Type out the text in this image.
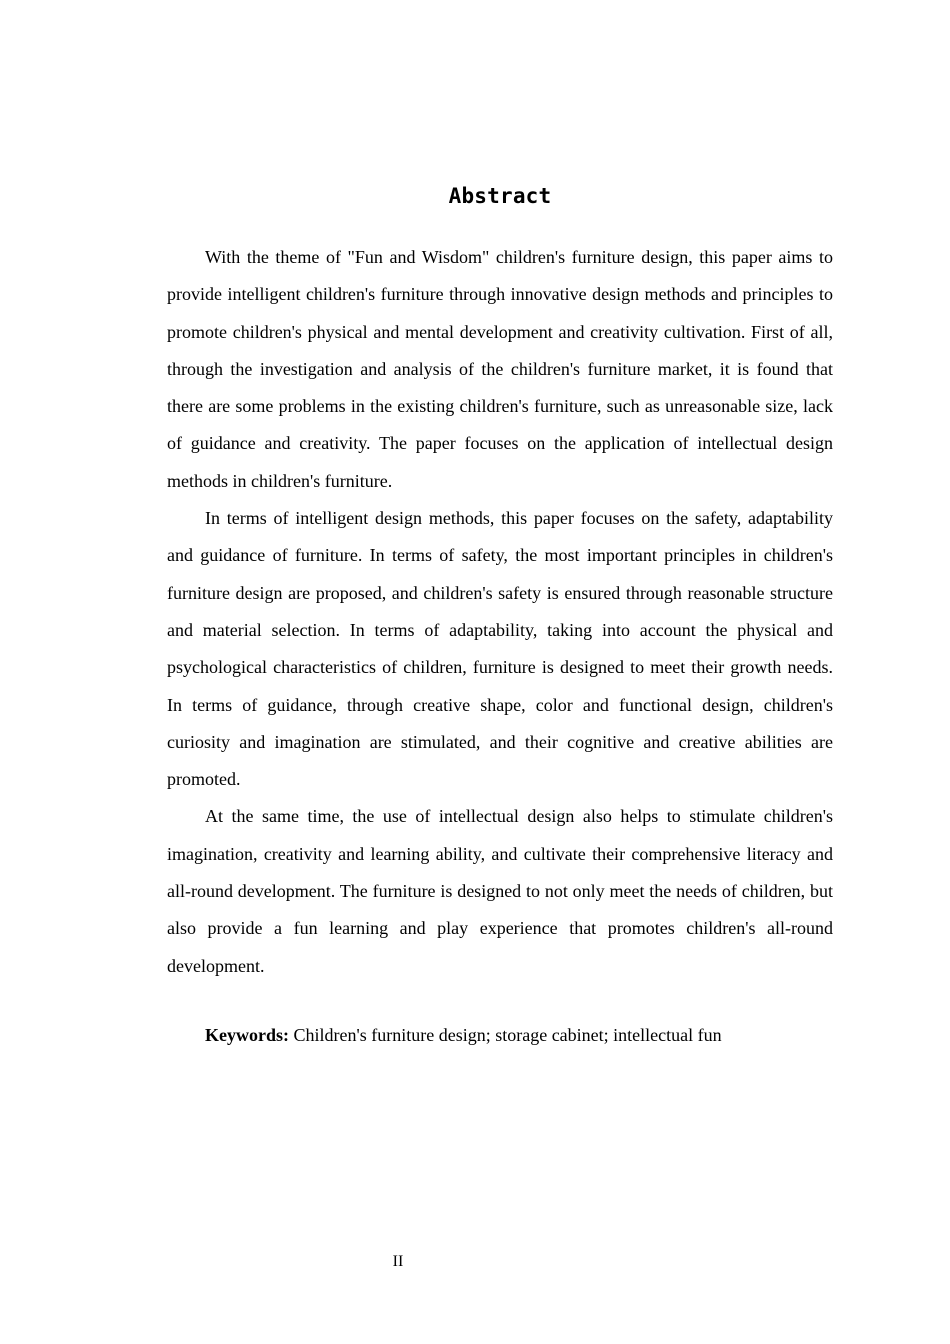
Abstract

With the theme of "Fun and Wisdom" children's furniture design, this paper aims to provide intelligent children's furniture through innovative design methods and principles to promote children's physical and mental development and creativity cultivation. First of all, through the investigation and analysis of the children's furniture market, it is found that there are some problems in the existing children's furniture, such as unreasonable size, lack of guidance and creativity. The paper focuses on the application of intellectual design methods in children's furniture.

In terms of intelligent design methods, this paper focuses on the safety, adaptability and guidance of furniture. In terms of safety, the most important principles in children's furniture design are proposed, and children's safety is ensured through reasonable structure and material selection. In terms of adaptability, taking into account the physical and psychological characteristics of children, furniture is designed to meet their growth needs. In terms of guidance, through creative shape, color and functional design, children's curiosity and imagination are stimulated, and their cognitive and creative abilities are promoted.

At the same time, the use of intellectual design also helps to stimulate children's imagination, creativity and learning ability, and cultivate their comprehensive literacy and all-round development. The furniture is designed to not only meet the needs of children, but also provide a fun learning and play experience that promotes children's all-round development.

Keywords: Children's furniture design; storage cabinet; intellectual fun
II
